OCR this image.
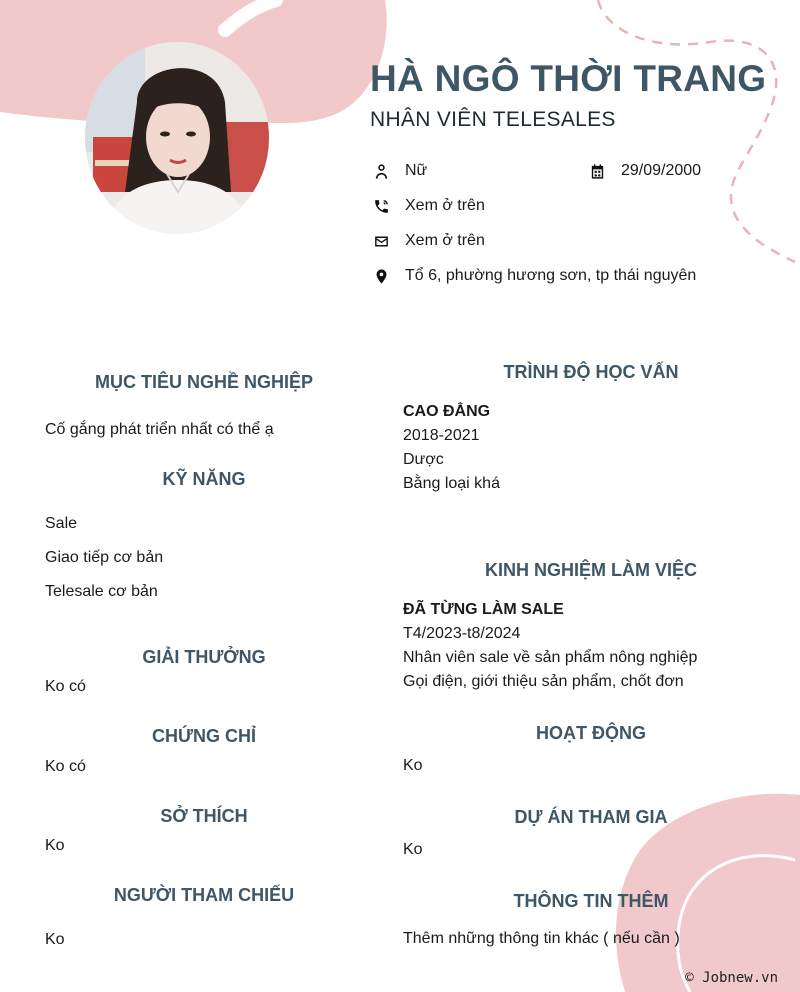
HÀ NGÔ THỜI TRANG
NHÂN VIÊN TELESALES
Nữ	29/09/2000
Xem ở trên
Xem ở trên
Tổ 6, phường hương sơn, tp thái nguyên
MỤC TIÊU NGHỀ NGHIỆP
Cố gắng phát triển nhất có thể ạ
KỸ NĂNG
Sale
Giao tiếp cơ bản
Telesale cơ bản
GIẢI THƯỞNG
Ko có
CHỨNG CHỈ
Ko có
SỞ THÍCH
Ko
NGƯỜI THAM CHIẾU
Ko
TRÌNH ĐỘ HỌC VẤN
CAO ĐẲNG
2018-2021
Dược
Bằng loại khá
KINH NGHIỆM LÀM VIỆC
ĐÃ TỪNG LÀM SALE
T4/2023-t8/2024
Nhân viên sale về sản phẩm nông nghiệp
Gọi điện, giới thiệu sản phẩm, chốt đơn
HOẠT ĐỘNG
Ko
DỰ ÁN THAM GIA
Ko
THÔNG TIN THÊM
Thêm những thông tin khác ( nếu cần )
© Jobnew.vn
